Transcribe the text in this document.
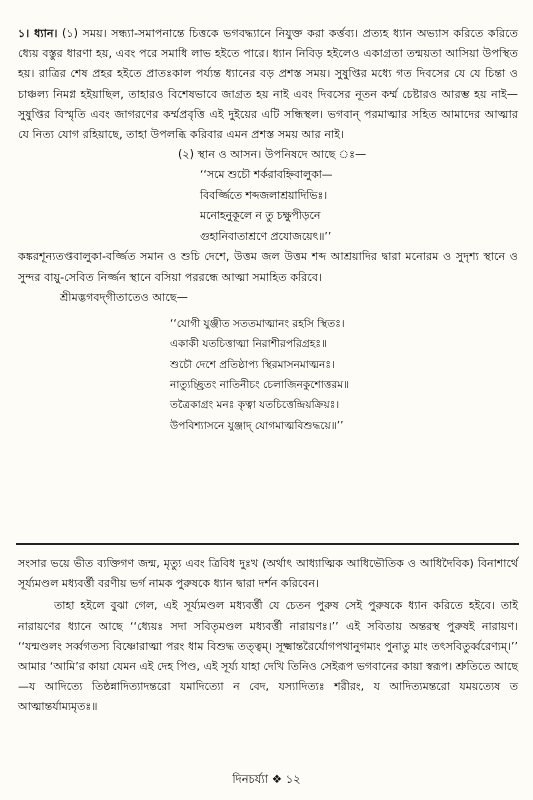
১। ধ্যান। (১) সময়। সন্ধ্যা-সমাপনান্তে চিত্তকে ভগবদ্ধ্যানে নিযুক্ত করা কর্ত্তব্য। প্রত্যহ ধ্যান অভ্যাস করিতে করিতে ধ্যেয় বস্তুর ধারণা হয়, এবং পরে সমাধি লাভ হইতে পারে। ধ্যান নিবিড় হইলেও একাগ্রতা তন্ময়তা আসিয়া উপস্থিত হয়। রাত্রির শেষ প্রহর হইতে প্রাতঃকাল পর্য্যন্ত ধ্যানের বড় প্রশস্ত সময়। সুষুপ্তির মধ্যে গত দিবসের যে যে চিন্তা ও চাঞ্চল্য নিমগ্ন হইয়াছিল, তাহারও বিশেষভাবে জাগ্রত হয় নাই এবং দিবসের নূতন কর্ম্ম চেষ্টারও আরম্ভ হয় নাই—সুষুপ্তির বিস্মৃতি এবং জাগরণের কর্ম্মপ্রবৃত্তি এই দুইয়ের এটি সন্ধিস্থল। ভগবান্‌ পরমাত্মার সহিত আমাদের আত্মার যে নিত্য যোগ রহিয়াছে, তাহা উপলব্ধি করিবার এমন প্রশস্ত সময় আর নাই।

(২) স্থান ও আসন। উপনিষদে আছে ঃ—

‘‘সমে শুচৌ শর্করাবহ্নিবালুকা—
বিবর্জ্জিতে শব্দজলাশ্রয়াদিভিঃ।
মনোহনুকূলে ন তু চক্ষুপীড়নে
গুহানিবাতাশ্রণে প্রযোজয়েৎ॥’’

কঙ্করশূন্যতপ্তবালুকা-বর্জ্জিত সমান ও শুচি দেশে, উত্তম জল উত্তম শব্দ আশ্রয়াদির দ্বারা মনোরম ও সুদৃশ্য স্থানে ও সুন্দর বায়ু-সেবিত নির্জ্জন স্থানে বসিয়া পররন্ধে আত্মা সমাহিত করিবে।

শ্রীমদ্ভগবদ্‌গীতাতেও আছে—

‘‘যোগী যুঞ্জীত সততমাত্মানং রহসি স্থিতঃ।
একাকী যতচিত্তাত্মা নিরাশীরপরিগ্রহঃ॥
শুচৌ দেশে প্রতিষ্ঠাপ্য স্থিরমাসনমাত্মনঃ।
নাত্যুচ্ছ্রিতং নাতিনীচং চেলাজিনকুশোত্তরম॥
তত্রৈকাগ্রং মনঃ কৃত্বা যতচিত্তেন্দ্রিয়ক্রিয়ঃ।
উপবিশ্যাসনে যুঞ্জাদ্ যোগমাত্মবিশুদ্ধয়ে॥’’

সংসার ভয়ে ভীত ব্যক্তিগণ জন্ম, মৃত্যু এবং ত্রিবিধ দুঃখ (অর্থাৎ আধ্যাত্মিক আধিভৌতিক ও আধিদৈবিক) বিনাশার্থে সূর্য্যমণ্ডল মধ্যবর্ত্তী বরণীয় ভর্গ নামক পুরুষকে ধ্যান দ্বারা দর্শন করিবেন।

তাহা হইলে বুঝা গেল, এই সূর্য্যমণ্ডল মধ্যবর্ত্তী যে চেতন পুরুষ সেই পুরুষকে ধ্যান করিতে হইবে। তাই নারায়ণের ধ্যানে আছে ‘‘ধ্যেয়ঃ সদা সবিতৃমণ্ডল মধ্যবর্ত্তী নারায়ণঃ।’’ এই সবিতায় অন্তরস্থ পুরুষই নারায়ণ। ‘‘যন্মণ্ডলং সর্ব্বগতস্য বিষ্ণোরাত্মা পরং ধাম বিশুদ্ধ তত্ত্বম্। সূক্ষ্মান্তরৈর্যোগপথানুগম্যং পুনাতু মাং তৎসবিতুর্ব্বরেণ্যম্।’’ আমার ‘আমি’র কায়া যেমন এই দেহ পিণ্ড, এই সূর্য্য যাহা দেখি তিনিও সেইরূপ ভগবানের কায়া স্বরূপ। শ্রুতিতে আছে—য আদিত্যে তিষ্ঠন্নাদিত্যাদন্তরো যমাদিত্যো ন বেদ, যস্যাদিত্যঃ শরীরং, য আদিত্যমন্তরো যময়ত্যেষ ত আত্মান্তর্যাম্যমৃতঃ॥

দিনচর্য্যা ❖ ১২
